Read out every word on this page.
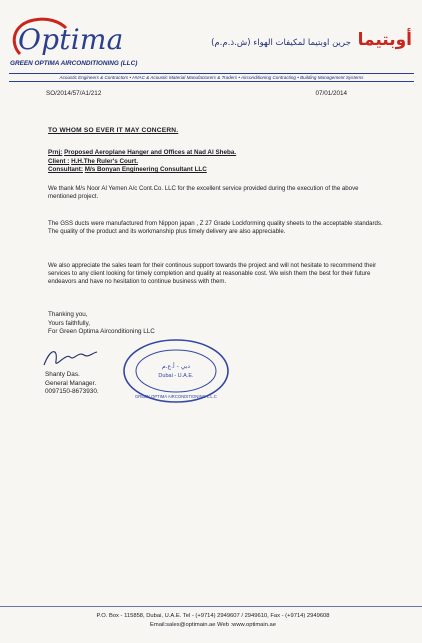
Optima
GREEN OPTIMA AIRCONDITIONING (LLC)
أوبتيما جرين اوبتيما لمكيفات الهواء (ش.ذ.م.م)
Acoustic Engineers & Contractors • HVAC & Acoustic Material Manufacturers & Traders • Airconditioning Contracting • Building Management Systems
SO/2014/57/A1/212	07/01/2014
TO WHOM SO EVER IT MAY CONCERN.
Prnj: Proposed Aeroplane Hanger and Offices at Nad Al Sheba.
Client : H.H.The Ruler's Court.
Consultant: M/s Bonyan Engineering Consultant LLC

We thank M/s Noor Al Yemen A/c Cont.Co. LLC for the excellent service provided during the execution of the above mentioned project.

The GSS ducts were manufactured from Nippon japan , Z 27 Grade Lockforming quality sheets to the acceptable standards. The quality of the product and its workmanship plus timely delivery are also appreciable.

We also appreciate the sales team for their continous support towards the project and will not hesitate to recommend their services to any client looking for timely completion and quality at reasonable cost. We wish them the best for their future endeavors and have no hesitation to continue business with them.

Thanking you,
Yours faithfully,
For Green Optima Airconditioning LLC
Shanty Das.
General Manager.
0097150-8673930.
دبي - أ.ع.م
Dubai - U.A.E.
GREEN OPTIMA AIRCONDITIONING L.L.C
P.O. Box - 115858, Dubai, U.A.E. Tel - (+9714) 2949607 / 2949610, Fax - (+9714) 2949608
Email:sales@optimain.ae Web :www.optimain.ae
